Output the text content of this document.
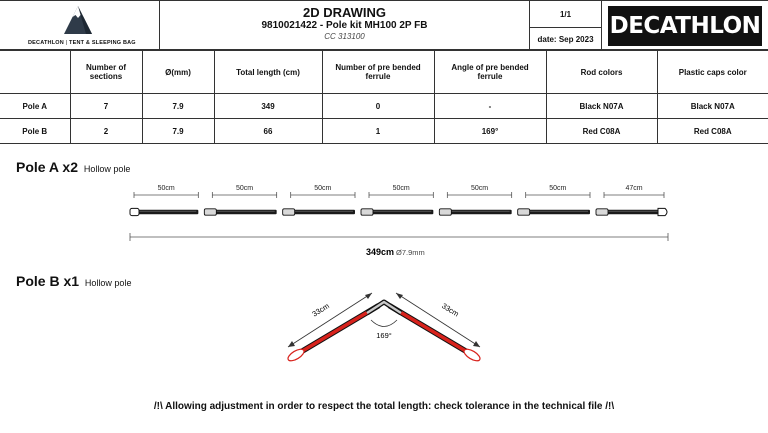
DECATHLON | TENT & SLEEPING BAG
2D DRAWING
9810021422 - Pole kit MH100 2P FB
CC 313100
1/1
date: Sep 2023
DECATHLON
	Number of sections	Ø(mm)	Total length (cm)	Number of pre bended ferrule	Angle of pre bended ferrule	Rod colors	Plastic caps color
Pole A	7	7.9	349	0	-	Black N07A	Black N07A
Pole B	2	7.9	66	1	169°	Red C08A	Red C08A
Pole A x2 Hollow pole
50cm	50cm	50cm	50cm	50cm	50cm	47cm
349cm Ø7.9mm
Pole B x1 Hollow pole
33cm	33cm
169°
/!\ Allowing adjustment in order to respect the total length: check tolerance in the technical file /!\
